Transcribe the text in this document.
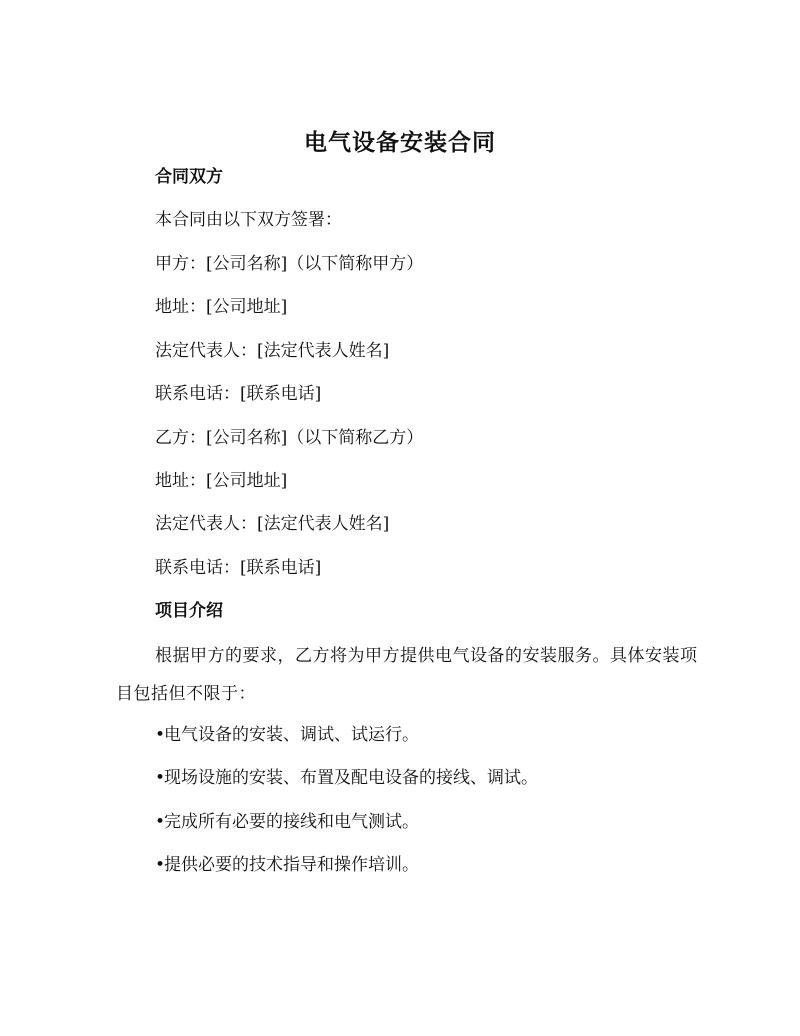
电气设备安装合同
合同双方
本合同由以下双方签署：
甲方：[公司名称]（以下简称甲方）
地址：[公司地址]
法定代表人：[法定代表人姓名]
联系电话：[联系电话]
乙方：[公司名称]（以下简称乙方）
地址：[公司地址]
法定代表人：[法定代表人姓名]
联系电话：[联系电话]
项目介绍
根据甲方的要求，乙方将为甲方提供电气设备的安装服务。具体安装项目包括但不限于：
•电气设备的安装、调试、试运行。
•现场设施的安装、布置及配电设备的接线、调试。
•完成所有必要的接线和电气测试。
•提供必要的技术指导和操作培训。
